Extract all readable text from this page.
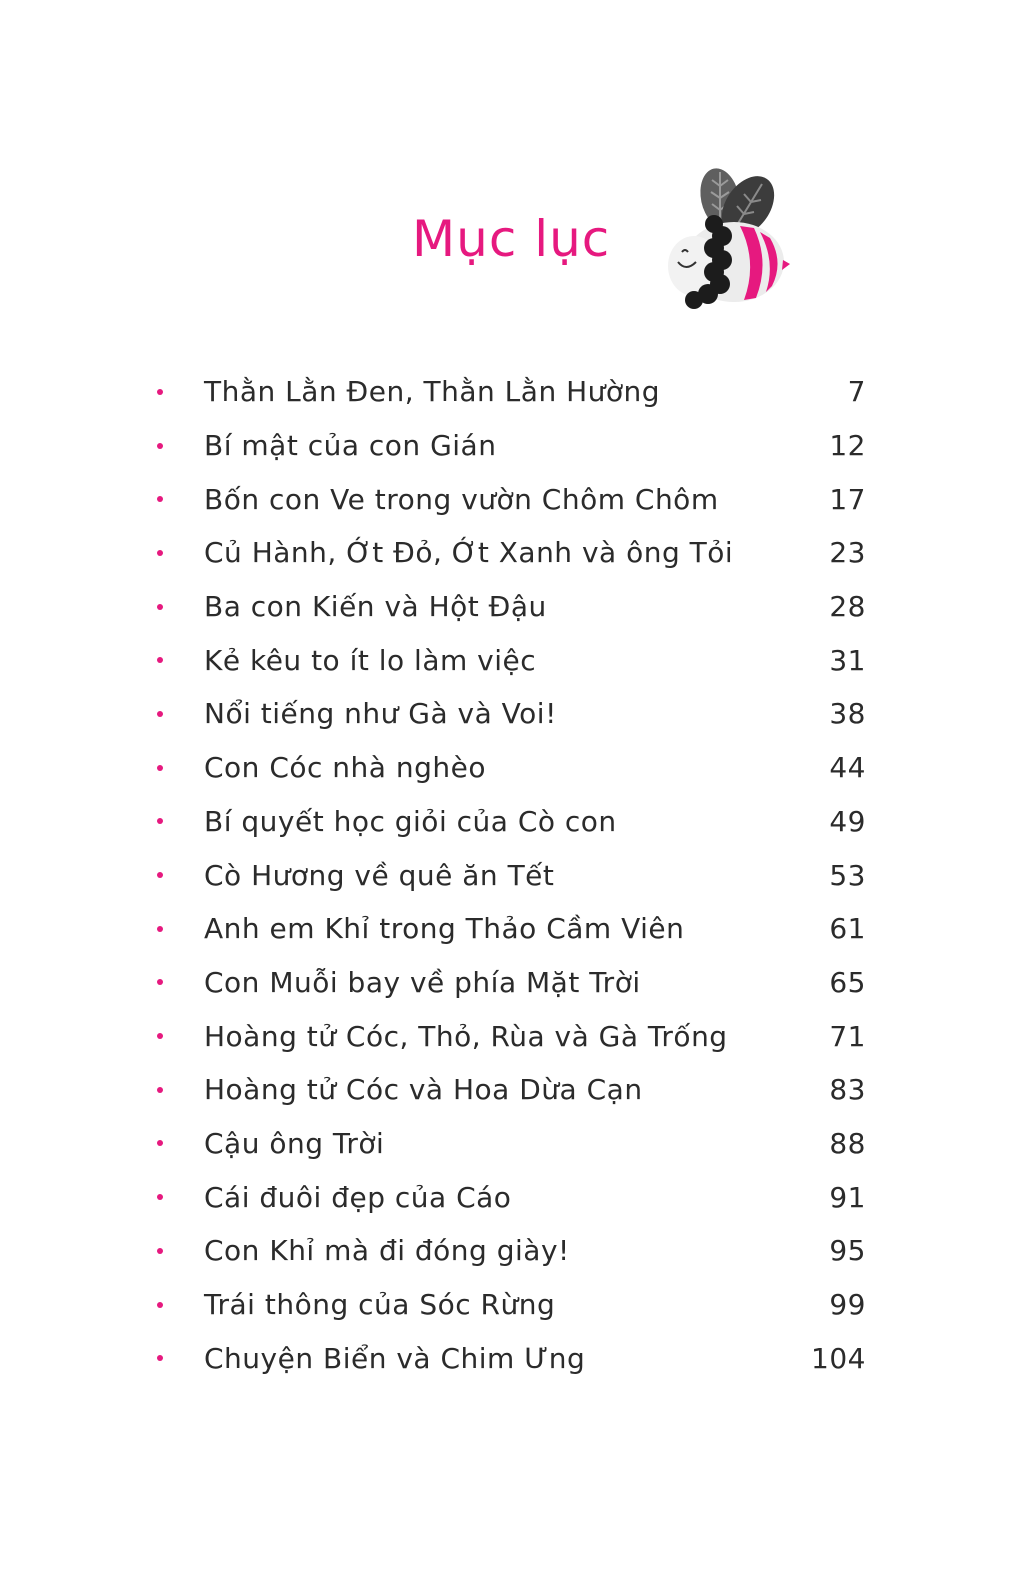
Mục lục
Thằn Lằn Đen, Thằn Lằn Hường	7
Bí mật của con Gián	12
Bốn con Ve trong vườn Chôm Chôm	17
Củ Hành, Ớt Đỏ, Ớt Xanh và ông Tỏi	23
Ba con Kiến và Hột Đậu	28
Kẻ kêu to ít lo làm việc	31
Nổi tiếng như Gà và Voi!	38
Con Cóc nhà nghèo	44
Bí quyết học giỏi của Cò con	49
Cò Hương về quê ăn Tết	53
Anh em Khỉ trong Thảo Cầm Viên	61
Con Muỗi bay về phía Mặt Trời	65
Hoàng tử Cóc, Thỏ, Rùa và Gà Trống	71
Hoàng tử Cóc và Hoa Dừa Cạn	83
Cậu ông Trời	88
Cái đuôi đẹp của Cáo	91
Con Khỉ mà đi đóng giày!	95
Trái thông của Sóc Rừng	99
Chuyện Biển và Chim Ưng	104
